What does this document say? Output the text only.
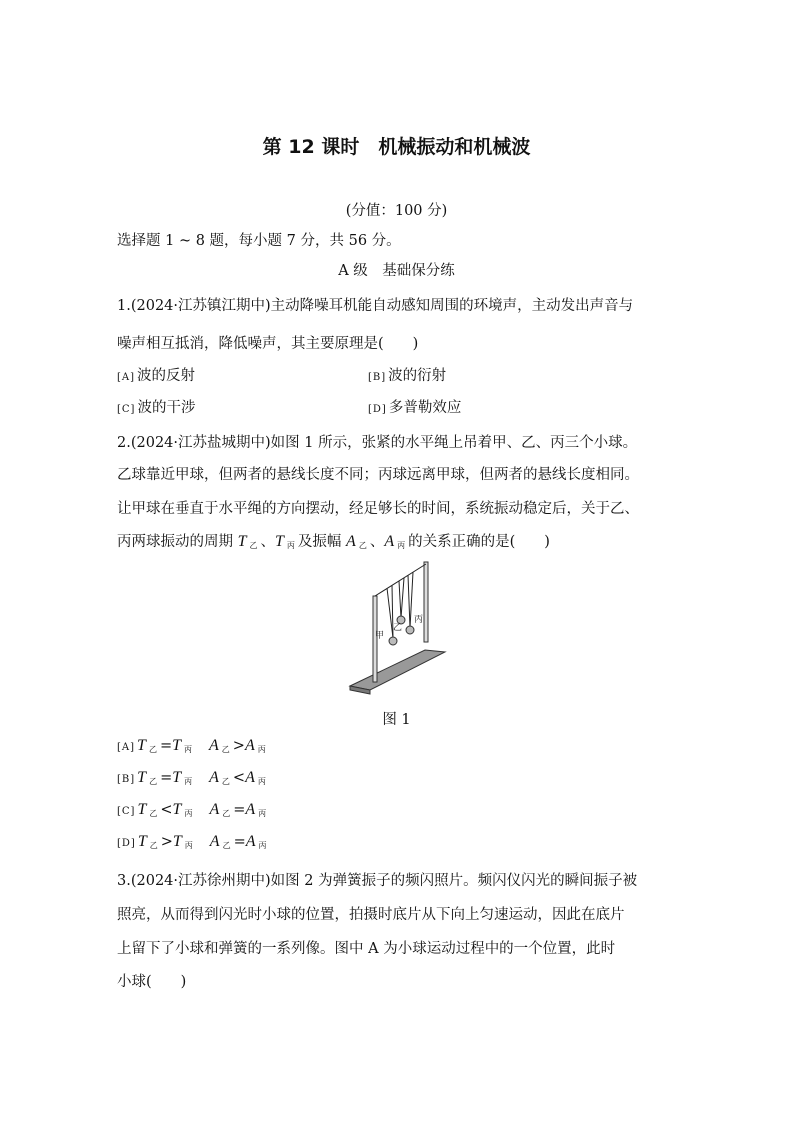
第 12 课时　机械振动和机械波
(分值：100 分)
选择题 1 ~ 8 题，每小题 7 分，共 56 分。
A 级　基础保分练
1.(2024·江苏镇江期中)主动降噪耳机能自动感知周围的环境声，主动发出声音与
噪声相互抵消，降低噪声，其主要原理是(　　)
[A] 波的反射	[B] 波的衍射
[C] 波的干涉	[D] 多普勒效应
2.(2024·江苏盐城期中)如图 1 所示，张紧的水平绳上吊着甲、乙、丙三个小球。
乙球靠近甲球，但两者的悬线长度不同；丙球远离甲球，但两者的悬线长度相同。
让甲球在垂直于水平绳的方向摆动，经足够长的时间，系统振动稳定后，关于乙、
丙两球振动的周期 T $_乙$ 、T $_丙$ 及振幅 A $_乙$ 、A $_丙$ 的关系正确的是(　　)
甲
乙
丙
图 1
[A] T $_乙$ =T $_丙$ A $_乙$ >A $_丙$
[B] T $_乙$ =T $_丙$ A $_乙$ <A $_丙$
[C] T $_乙$ <T $_丙$ A $_乙$ =A $_丙$
[D] T $_乙$ >T $_丙$ A $_乙$ =A $_丙$
3.(2024·江苏徐州期中)如图 2 为弹簧振子的频闪照片。频闪仪闪光的瞬间振子被
照亮，从而得到闪光时小球的位置，拍摄时底片从下向上匀速运动，因此在底片
上留下了小球和弹簧的一系列像。图中 A 为小球运动过程中的一个位置，此时
小球(　　)
